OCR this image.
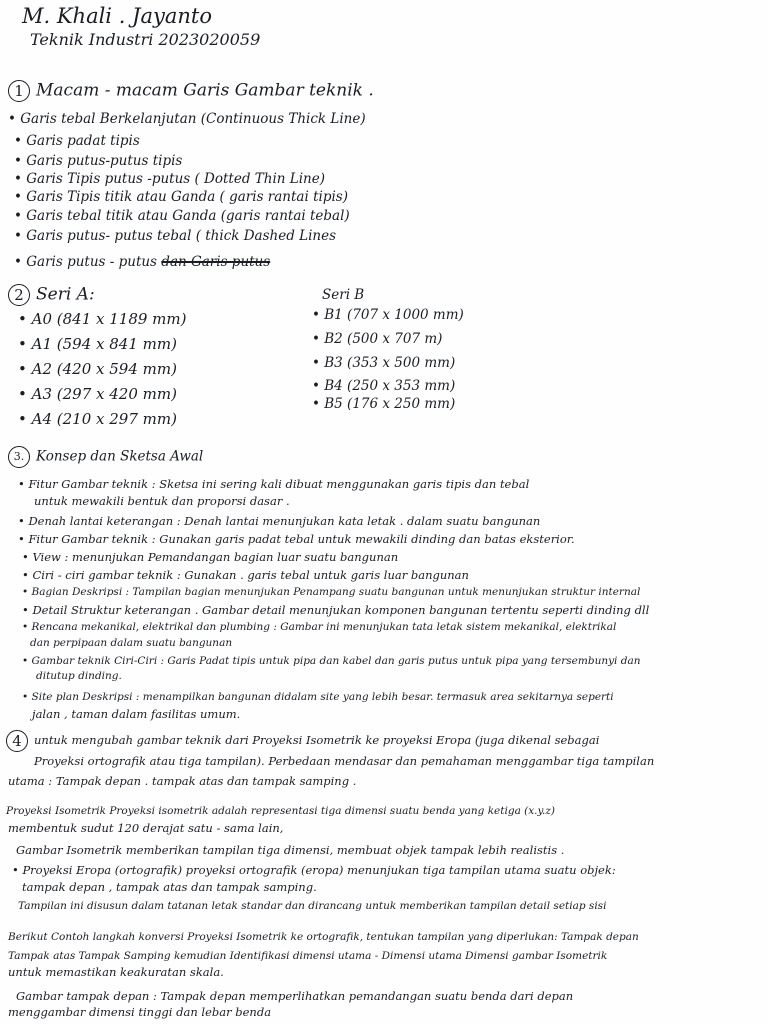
M. Khali . Jayanto
Teknik Industri 2023020059
1 Macam - macam Garis Gambar teknik .
• Garis tebal Berkelanjutan (Continuous Thick Line)
• Garis padat tipis
• Garis putus-putus tipis
• Garis Tipis putus -putus ( Dotted Thin Line)
• Garis Tipis titik atau Ganda ( garis rantai tipis)
• Garis tebal titik atau Ganda (garis rantai tebal)
• Garis putus- putus tebal ( thick Dashed Lines
• Garis putus - putus dan Garis putus
2 Seri A:
• A0 (841 x 1189 mm)
• A1 (594 x 841 mm)
• A2 (420 x 594 mm)
• A3 (297 x 420 mm)
• A4 (210 x 297 mm)
Seri B
• B1 (707 x 1000 mm)
• B2 (500 x 707 m)
• B3 (353 x 500 mm)
• B4 (250 x 353 mm)
• B5 (176 x 250 mm)
3. Konsep dan Sketsa Awal
• Fitur Gambar teknik : Sketsa ini sering kali dibuat menggunakan garis tipis dan tebal
untuk mewakili bentuk dan proporsi dasar .
• Denah lantai keterangan : Denah lantai menunjukan kata letak . dalam suatu bangunan
• Fitur Gambar teknik : Gunakan garis padat tebal untuk mewakili dinding dan batas eksterior.
• View : menunjukan Pemandangan bagian luar suatu bangunan
• Ciri - ciri gambar teknik : Gunakan . garis tebal untuk garis luar bangunan
• Bagian Deskripsi : Tampilan bagian menunjukan Penampang suatu bangunan untuk menunjukan struktur internal
• Detail Struktur keterangan . Gambar detail menunjukan komponen bangunan tertentu seperti dinding dll
• Rencana mekanikal, elektrikal dan plumbing : Gambar ini menunjukan tata letak sistem mekanikal, elektrikal
dan perpipaan dalam suatu bangunan
• Gambar teknik Ciri-Ciri : Garis Padat tipis untuk pipa dan kabel dan garis putus untuk pipa yang tersembunyi dan
ditutup dinding.
• Site plan Deskripsi : menampilkan bangunan didalam site yang lebih besar. termasuk area sekitarnya seperti
jalan , taman dalam fasilitas umum.
4 untuk mengubah gambar teknik dari Proyeksi Isometrik ke proyeksi Eropa (juga dikenal sebagai
Proyeksi ortografik atau tiga tampilan). Perbedaan mendasar dan pemahaman menggambar tiga tampilan
utama : Tampak depan . tampak atas dan tampak samping .
Proyeksi Isometrik Proyeksi isometrik adalah representasi tiga dimensi suatu benda yang ketiga (x.y.z)
membentuk sudut 120 derajat satu - sama lain,
Gambar Isometrik memberikan tampilan tiga dimensi, membuat objek tampak lebih realistis .
• Proyeksi Eropa (ortografik) proyeksi ortografik (eropa) menunjukan tiga tampilan utama suatu objek:
tampak depan , tampak atas dan tampak samping.
Tampilan ini disusun dalam tatanan letak standar dan dirancang untuk memberikan tampilan detail setiap sisi
Berikut Contoh langkah konversi Proyeksi Isometrik ke ortografik, tentukan tampilan yang diperlukan: Tampak depan
Tampak atas Tampak Samping kemudian Identifikasi dimensi utama - Dimensi utama Dimensi gambar Isometrik
untuk memastikan keakuratan skala.
Gambar tampak depan : Tampak depan memperlihatkan pemandangan suatu benda dari depan
menggambar dimensi tinggi dan lebar benda
